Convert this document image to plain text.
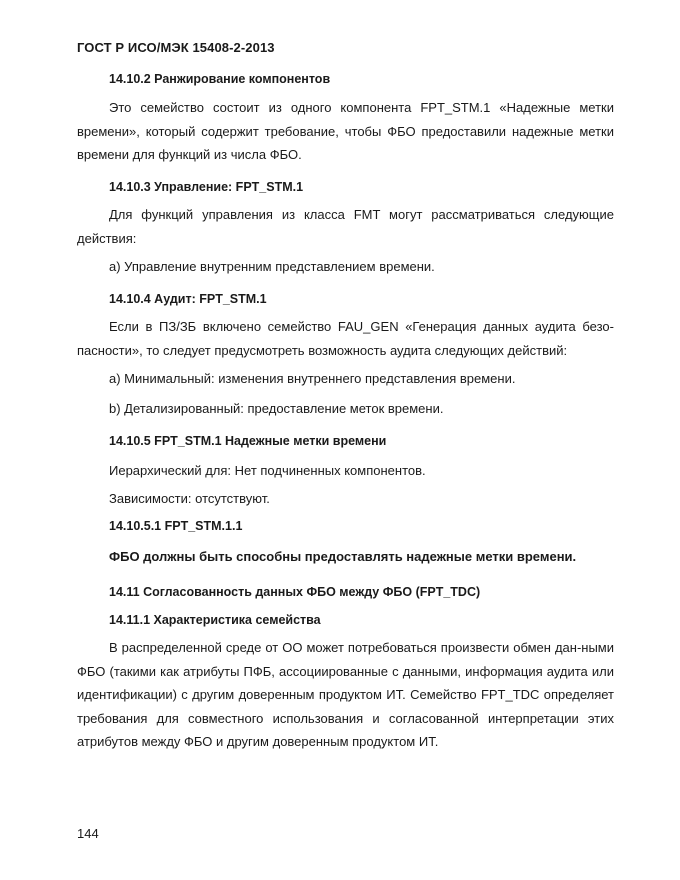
ГОСТ Р ИСО/МЭК 15408-2-2013
14.10.2 Ранжирование компонентов
Это семейство состоит из одного компонента FPT_STM.1 «Надежные метки времени», который содержит требование, чтобы ФБО предоставили надежные метки времени для функций из числа ФБО.
14.10.3 Управление: FPT_STM.1
Для функций управления из класса FMT могут рассматриваться следующие действия:
а) Управление внутренним представлением времени.
14.10.4 Аудит: FPT_STM.1
Если в ПЗ/ЗБ включено семейство FAU_GEN «Генерация данных аудита безо-пасности», то следует предусмотреть возможность аудита следующих действий:
а) Минимальный: изменения внутреннего представления времени.
b) Детализированный: предоставление меток времени.
14.10.5 FPT_STM.1 Надежные метки времени
Иерархический для: Нет подчиненных компонентов.
Зависимости: отсутствуют.
14.10.5.1 FPT_STM.1.1
ФБО должны быть способны предоставлять надежные метки времени.
14.11 Согласованность данных ФБО между ФБО (FPT_TDC)
14.11.1 Характеристика семейства
В распределенной среде от ОО может потребоваться произвести обмен дан-ными ФБО (такими как атрибуты ПФБ, ассоциированные с данными, информация аудита или идентификации) с другим доверенным продуктом ИТ. Семейство FPT_TDC определяет требования для совместного использования и согласованной интерпретации этих атрибутов между ФБО и другим доверенным продуктом ИТ.
144
